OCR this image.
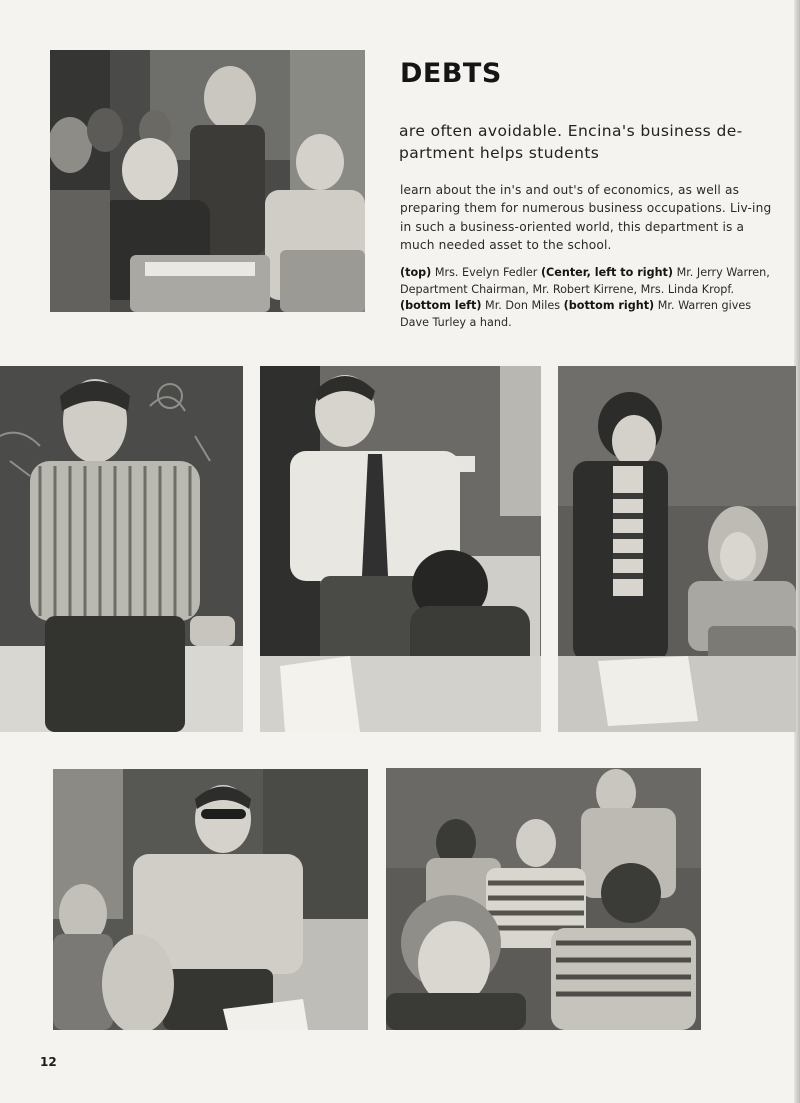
DEBTS
are often avoidable. Encina's business de-partment helps students
learn about the in's and out's of economics, as well as preparing them for numerous business occupations. Liv-ing in such a business-oriented world, this department is a much needed asset to the school.
(top) Mrs. Evelyn Fedler (Center, left to right) Mr. Jerry Warren, Department Chairman, Mr. Robert Kirrene, Mrs. Linda Kropf. (bottom left) Mr. Don Miles (bottom right) Mr. Warren gives Dave Turley a hand.
12
